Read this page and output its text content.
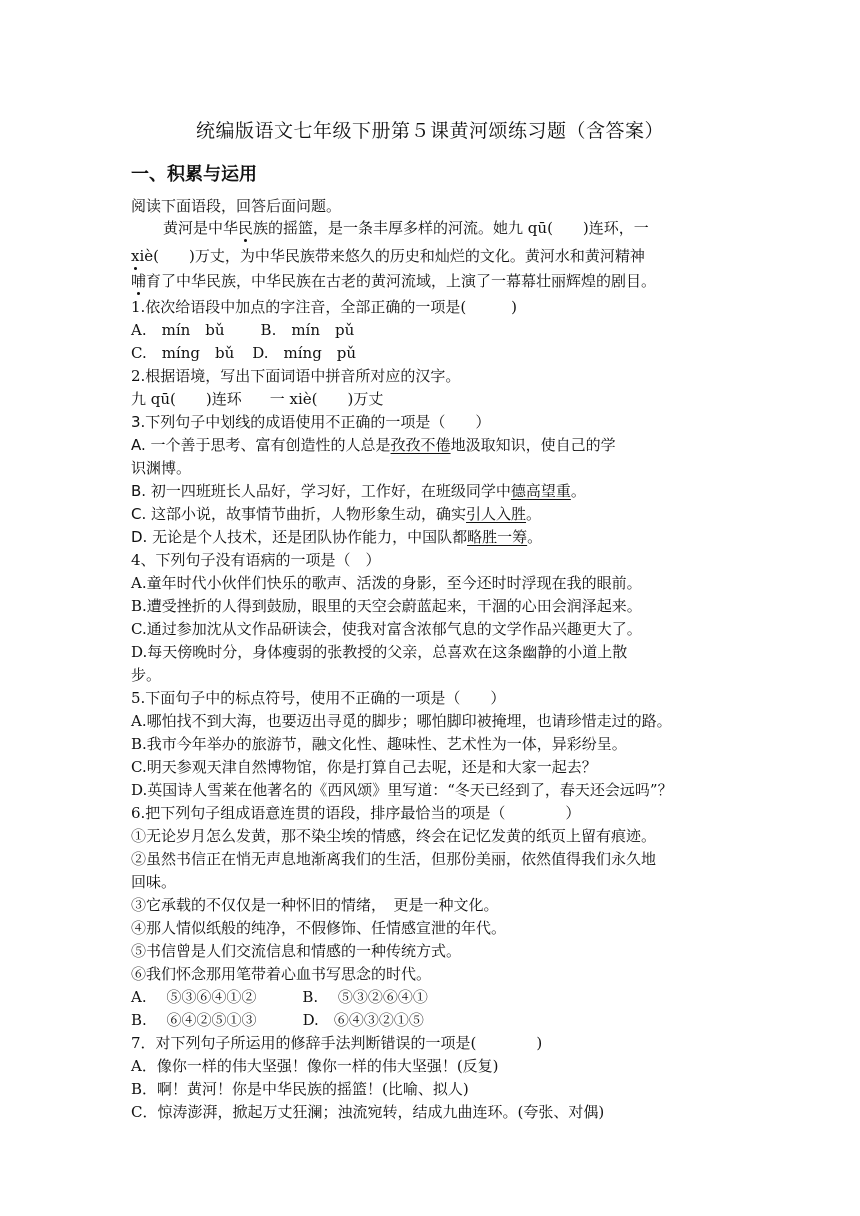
统编版语文七年级下册第５课黄河颂练习题（含答案）
一、积累与运用
阅读下面语段，回答后面问题。
黄河是中华民族的摇篮，是一条丰厚多样的河流。她九 qū(　　)连环，一
xiè(　　)万丈，为中华民族带来悠久的历史和灿烂的文化。黄河水和黄河精神
哺育了中华民族，中华民族在古老的黄河流域，上演了一幕幕壮丽辉煌的剧目。
1.依次给语段中加点的字注音，全部正确的一项是(　　　)
A.　mín　bǔ B.　mín　pǔ
C.　míng　bǔ D.　míng　pǔ
2.根据语境，写出下面词语中拼音所对应的汉字。
九 qū(　　)连环 一 xiè(　　)万丈
3.下列句子中划线的成语使用不正确的一项是（　　）
A. 一个善于思考、富有创造性的人总是孜孜不倦地汲取知识，使自己的学
识渊博。
B. 初一四班班长人品好，学习好，工作好，在班级同学中德高望重。
C. 这部小说，故事情节曲折，人物形象生动，确实引人入胜。
D. 无论是个人技术，还是团队协作能力，中国队都略胜一筹。
4、下列句子没有语病的一项是（　）
A.童年时代小伙伴们快乐的歌声、活泼的身影，至今还时时浮现在我的眼前。
B.遭受挫折的人得到鼓励，眼里的天空会蔚蓝起来，干涸的心田会润泽起来。
C.通过参加沈从文作品研读会，使我对富含浓郁气息的文学作品兴趣更大了。
D.每天傍晚时分，身体瘦弱的张教授的父亲，总喜欢在这条幽静的小道上散
步。
5.下面句子中的标点符号，使用不正确的一项是（　　）
A.哪怕找不到大海，也要迈出寻觅的脚步；哪怕脚印被掩埋，也请珍惜走过的路。
B.我市今年举办的旅游节，融文化性、趣味性、艺术性为一体，异彩纷呈。
C.明天参观天津自然博物馆，你是打算自己去呢，还是和大家一起去？
D.英国诗人雪莱在他著名的《西风颂》里写道：“冬天已经到了，春天还会远吗”？
6.把下列句子组成语意连贯的语段，排序最恰当的项是（　　　　）
①无论岁月怎么发黄，那不染尘埃的情感，终会在记忆发黄的纸页上留有痕迹。
②虽然书信正在悄无声息地渐离我们的生活，但那份美丽，依然值得我们永久地
回味。
③它承载的不仅仅是一种怀旧的情绪，　更是一种文化。
④那人情似纸般的纯净，不假修饰、任情感宣泄的年代。
⑤书信曾是人们交流信息和情感的一种传统方式。
⑥我们怀念那用笔带着心血书写思念的时代。
A.　 ⑤③⑥④①②	B.　 ⑤③②⑥④①
B.　 ⑥④②⑤①③	D.　⑥④③②①⑤
7．对下列句子所运用的修辞手法判断错误的一项是(　　　　)
A．像你一样的伟大坚强！像你一样的伟大坚强！(反复)
B．啊！黄河！你是中华民族的摇篮！(比喻、拟人)
C．惊涛澎湃，掀起万丈狂澜；浊流宛转，结成九曲连环。(夸张、对偶)
